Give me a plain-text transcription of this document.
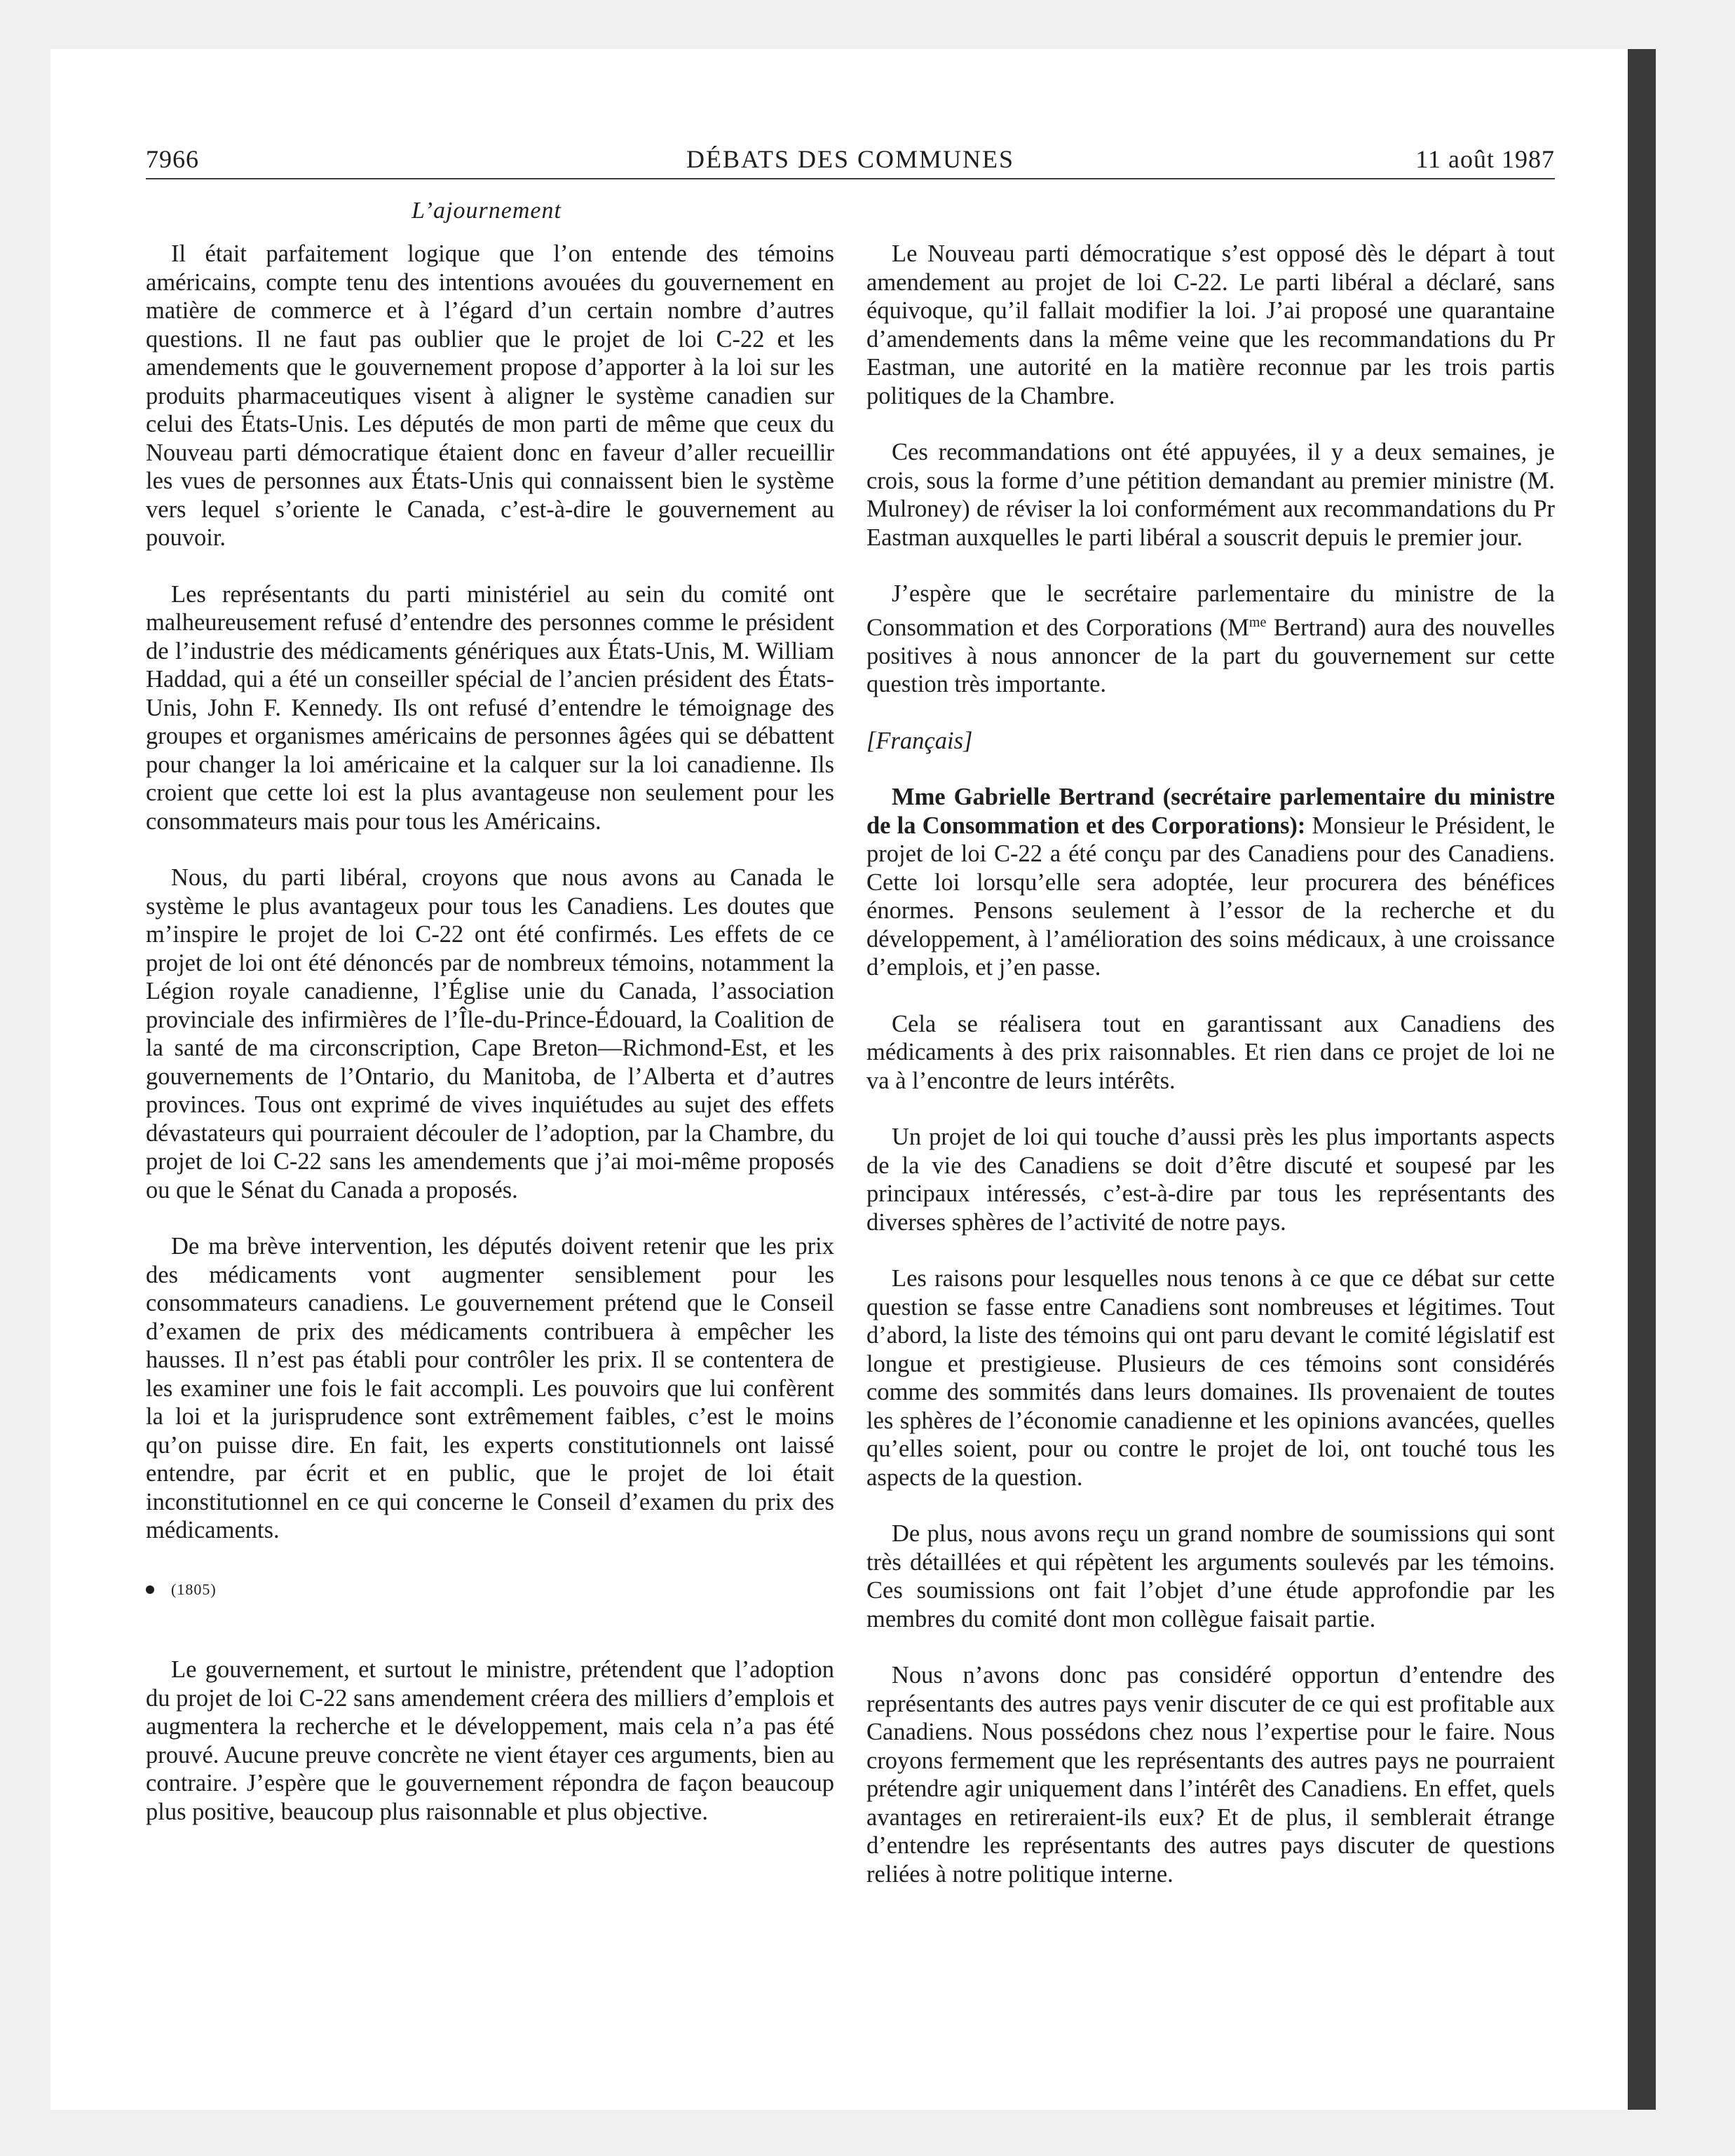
7966	DÉBATS DES COMMUNES	11 août 1987
L’ajournement

Il était parfaitement logique que l’on entende des témoins américains, compte tenu des intentions avouées du gouvernement en matière de commerce et à l’égard d’un certain nombre d’autres questions. Il ne faut pas oublier que le projet de loi C-22 et les amendements que le gouvernement propose d’apporter à la loi sur les produits pharmaceutiques visent à aligner le système canadien sur celui des États-Unis. Les députés de mon parti de même que ceux du Nouveau parti démocratique étaient donc en faveur d’aller recueillir les vues de personnes aux États-Unis qui connaissent bien le système vers lequel s’oriente le Canada, c’est-à-dire le gouvernement au pouvoir.

Les représentants du parti ministériel au sein du comité ont malheureusement refusé d’entendre des personnes comme le président de l’industrie des médicaments génériques aux États-Unis, M. William Haddad, qui a été un conseiller spécial de l’ancien président des États-Unis, John F. Kennedy. Ils ont refusé d’entendre le témoignage des groupes et organismes américains de personnes âgées qui se débattent pour changer la loi américaine et la calquer sur la loi canadienne. Ils croient que cette loi est la plus avantageuse non seulement pour les consommateurs mais pour tous les Américains.

Nous, du parti libéral, croyons que nous avons au Canada le système le plus avantageux pour tous les Canadiens. Les doutes que m’inspire le projet de loi C-22 ont été confirmés. Les effets de ce projet de loi ont été dénoncés par de nombreux témoins, notamment la Légion royale canadienne, l’Église unie du Canada, l’association provinciale des infirmières de l’Île-du-Prince-Édouard, la Coalition de la santé de ma circonscription, Cape Breton—Richmond-Est, et les gouvernements de l’Ontario, du Manitoba, de l’Alberta et d’autres provinces. Tous ont exprimé de vives inquiétudes au sujet des effets dévastateurs qui pourraient découler de l’adoption, par la Chambre, du projet de loi C-22 sans les amendements que j’ai moi-même proposés ou que le Sénat du Canada a proposés.

De ma brève intervention, les députés doivent retenir que les prix des médicaments vont augmenter sensiblement pour les consommateurs canadiens. Le gouvernement prétend que le Conseil d’examen de prix des médicaments contribuera à empêcher les hausses. Il n’est pas établi pour contrôler les prix. Il se contentera de les examiner une fois le fait accompli. Les pouvoirs que lui confèrent la loi et la jurisprudence sont extrêmement faibles, c’est le moins qu’on puisse dire. En fait, les experts constitutionnels ont laissé entendre, par écrit et en public, que le projet de loi était inconstitutionnel en ce qui concerne le Conseil d’examen du prix des médicaments.

(1805)

Le gouvernement, et surtout le ministre, prétendent que l’adoption du projet de loi C-22 sans amendement créera des milliers d’emplois et augmentera la recherche et le développement, mais cela n’a pas été prouvé. Aucune preuve concrète ne vient étayer ces arguments, bien au contraire. J’espère que le gouvernement répondra de façon beaucoup plus positive, beaucoup plus raisonnable et plus objective.

Le Nouveau parti démocratique s’est opposé dès le départ à tout amendement au projet de loi C-22. Le parti libéral a déclaré, sans équivoque, qu’il fallait modifier la loi. J’ai proposé une quarantaine d’amendements dans la même veine que les recommandations du Pr Eastman, une autorité en la matière reconnue par les trois partis politiques de la Chambre.

Ces recommandations ont été appuyées, il y a deux semaines, je crois, sous la forme d’une pétition demandant au premier ministre (M. Mulroney) de réviser la loi conformément aux recommandations du Pr Eastman auxquelles le parti libéral a souscrit depuis le premier jour.

J’espère que le secrétaire parlementaire du ministre de la Consommation et des Corporations ($M^{me}$ Bertrand) aura des nouvelles positives à nous annoncer de la part du gouvernement sur cette question très importante.

[Français]

Mme Gabrielle Bertrand (secrétaire parlementaire du ministre de la Consommation et des Corporations): Monsieur le Président, le projet de loi C-22 a été conçu par des Canadiens pour des Canadiens. Cette loi lorsqu’elle sera adoptée, leur procurera des bénéfices énormes. Pensons seulement à l’essor de la recherche et du développement, à l’amélioration des soins médicaux, à une croissance d’emplois, et j’en passe.

Cela se réalisera tout en garantissant aux Canadiens des médicaments à des prix raisonnables. Et rien dans ce projet de loi ne va à l’encontre de leurs intérêts.

Un projet de loi qui touche d’aussi près les plus importants aspects de la vie des Canadiens se doit d’être discuté et soupesé par les principaux intéressés, c’est-à-dire par tous les représentants des diverses sphères de l’activité de notre pays.

Les raisons pour lesquelles nous tenons à ce que ce débat sur cette question se fasse entre Canadiens sont nombreuses et légitimes. Tout d’abord, la liste des témoins qui ont paru devant le comité législatif est longue et prestigieuse. Plusieurs de ces témoins sont considérés comme des sommités dans leurs domaines. Ils provenaient de toutes les sphères de l’économie canadienne et les opinions avancées, quelles qu’elles soient, pour ou contre le projet de loi, ont touché tous les aspects de la question.

De plus, nous avons reçu un grand nombre de soumissions qui sont très détaillées et qui répètent les arguments soulevés par les témoins. Ces soumissions ont fait l’objet d’une étude approfondie par les membres du comité dont mon collègue faisait partie.

Nous n’avons donc pas considéré opportun d’entendre des représentants des autres pays venir discuter de ce qui est profitable aux Canadiens. Nous possédons chez nous l’expertise pour le faire. Nous croyons fermement que les représentants des autres pays ne pourraient prétendre agir uniquement dans l’intérêt des Canadiens. En effet, quels avantages en retireraient-ils eux? Et de plus, il semblerait étrange d’entendre les représentants des autres pays discuter de questions reliées à notre politique interne.
